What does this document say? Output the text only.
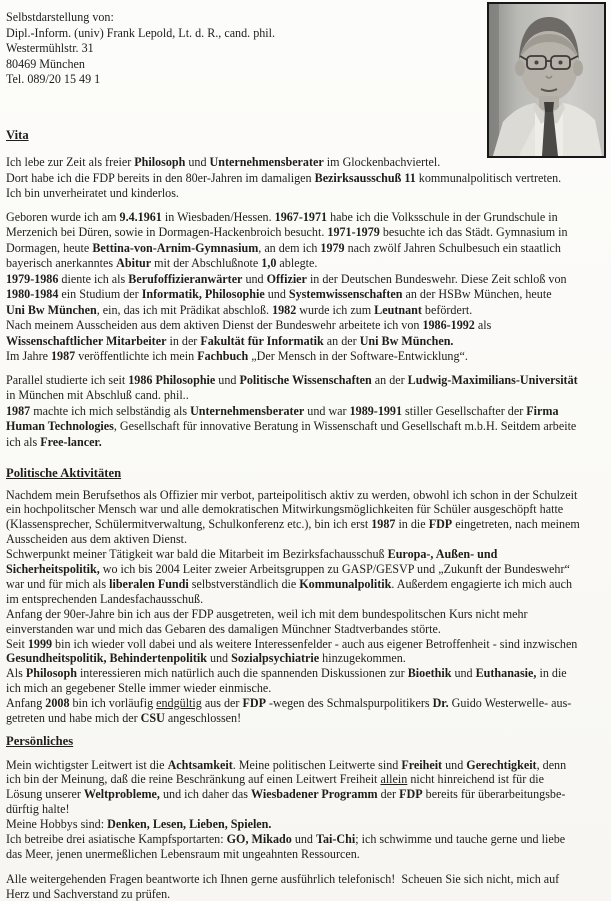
Selbstdarstellung von:
Dipl.-Inform. (univ) Frank Lepold, Lt. d. R., cand. phil.
Westermühlstr. 31
80469 München
Tel. 089/20 15 49 1
Vita
Ich lebe zur Zeit als freier Philosoph und Unternehmensberater im Glockenbachviertel.
Dort habe ich die FDP bereits in den 80er-Jahren im damaligen Bezirksausschuß 11 kommunalpolitisch vertreten.
Ich bin unverheiratet und kinderlos.
Geboren wurde ich am 9.4.1961 in Wiesbaden/Hessen. 1967-1971 habe ich die Volksschule in der Grundschule in
Merzenich bei Düren, sowie in Dormagen-Hackenbroich besucht. 1971-1979 besuchte ich das Städt. Gymnasium in
Dormagen, heute Bettina-von-Arnim-Gymnasium, an dem ich 1979 nach zwölf Jahren Schulbesuch ein staatlich
bayerisch anerkanntes Abitur mit der Abschlußnote 1,0 ablegte.
1979-1986 diente ich als Berufoffizieranwärter und Offizier in der Deutschen Bundeswehr. Diese Zeit schloß von
1980-1984 ein Studium der Informatik, Philosophie und Systemwissenschaften an der HSBw München, heute
Uni Bw München, ein, das ich mit Prädikat abschloß. 1982 wurde ich zum Leutnant befördert.
Nach meinem Ausscheiden aus dem aktiven Dienst der Bundeswehr arbeitete ich von 1986-1992 als
Wissenschaftlicher Mitarbeiter in der Fakultät für Informatik an der Uni Bw München.
Im Jahre 1987 veröffentlichte ich mein Fachbuch „Der Mensch in der Software-Entwicklung“.
Parallel studierte ich seit 1986 Philosophie und Politische Wissenschaften an der Ludwig-Maximilians-Universität
in München mit Abschluß cand. phil..
1987 machte ich mich selbständig als Unternehmensberater und war 1989-1991 stiller Gesellschafter der Firma
Human Technologies, Gesellschaft für innovative Beratung in Wissenschaft und Gesellschaft m.b.H. Seitdem arbeite
ich als Free-lancer.
Politische Aktivitäten
Nachdem mein Berufsethos als Offizier mir verbot, parteipolitisch aktiv zu werden, obwohl ich schon in der Schulzeit
ein hochpolitscher Mensch war und alle demokratischen Mitwirkungsmöglichkeiten für Schüler ausgeschöpft hatte
(Klassensprecher, Schülermitverwaltung, Schulkonferenz etc.), bin ich erst 1987 in die FDP eingetreten, nach meinem
Ausscheiden aus dem aktiven Dienst.
Schwerpunkt meiner Tätigkeit war bald die Mitarbeit im Bezirksfachausschuß Europa-, Außen- und
Sicherheitspolitik, wo ich bis 2004 Leiter zweier Arbeitsgruppen zu GASP/GESVP und „Zukunft der Bundeswehr“
war und für mich als liberalen Fundi selbstverständlich die Kommunalpolitik. Außerdem engagierte ich mich auch
im entsprechenden Landesfachausschuß.
Anfang der 90er-Jahre bin ich aus der FDP ausgetreten, weil ich mit dem bundespolitschen Kurs nicht mehr
einverstanden war und mich das Gebaren des damaligen Münchner Stadtverbandes störte.
Seit 1999 bin ich wieder voll dabei und als weitere Interessenfelder - auch aus eigener Betroffenheit - sind inzwischen
Gesundheitspolitik, Behindertenpolitik und Sozialpsychiatrie hinzugekommen.
Als Philosoph interessieren mich natürlich auch die spannenden Diskussionen zur Bioethik und Euthanasie, in die
ich mich an gegebener Stelle immer wieder einmische.
Anfang 2008 bin ich vorläufig endgültig aus der FDP -wegen des Schmalspurpolitikers Dr. Guido Westerwelle- aus-
getreten und habe mich der CSU angeschlossen!
Persönliches
Mein wichtigster Leitwert ist die Achtsamkeit. Meine politischen Leitwerte sind Freiheit und Gerechtigkeit, denn
ich bin der Meinung, daß die reine Beschränkung auf einen Leitwert Freiheit allein nicht hinreichend ist für die
Lösung unserer Weltprobleme, und ich daher das Wiesbadener Programm der FDP bereits für überarbeitungsbe-
dürftig halte!
Meine Hobbys sind: Denken, Lesen, Lieben, Spielen.
Ich betreibe drei asiatische Kampfsportarten: GO, Mikado und Tai-Chi; ich schwimme und tauche gerne und liebe
das Meer, jenen unermeßlichen Lebensraum mit ungeahnten Ressourcen.
Alle weitergehenden Fragen beantworte ich Ihnen gerne ausführlich telefonisch!  Scheuen Sie sich nicht, mich auf
Herz und Sachverstand zu prüfen.
